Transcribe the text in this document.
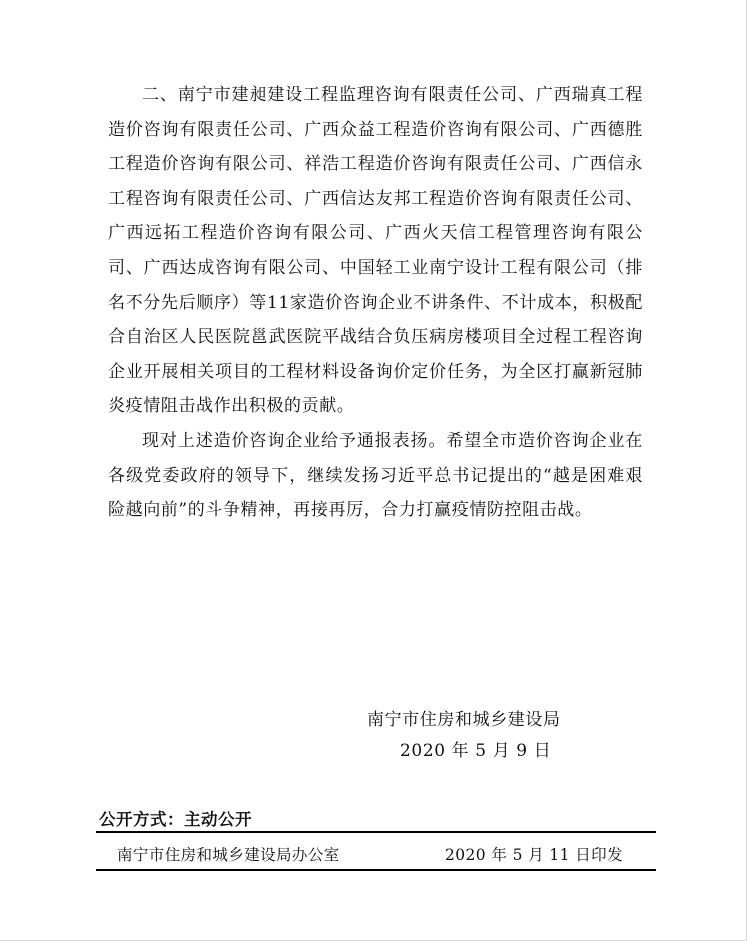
二、南宁市建昶建设工程监理咨询有限责任公司、广西瑞真工程造价咨询有限责任公司、广西众益工程造价咨询有限公司、广西德胜工程造价咨询有限公司、祥浩工程造价咨询有限责任公司、广西信永工程咨询有限责任公司、广西信达友邦工程造价咨询有限责任公司、广西远拓工程造价咨询有限公司、广西火天信工程管理咨询有限公司、广西达成咨询有限公司、中国轻工业南宁设计工程有限公司（排名不分先后顺序）等11家造价咨询企业不讲条件、不计成本，积极配合自治区人民医院邕武医院平战结合负压病房楼项目全过程工程咨询企业开展相关项目的工程材料设备询价定价任务，为全区打赢新冠肺炎疫情阻击战作出积极的贡献。

现对上述造价咨询企业给予通报表扬。希望全市造价咨询企业在各级党委政府的领导下，继续发扬习近平总书记提出的“越是困难艰险越向前”的斗争精神，再接再厉，合力打赢疫情防控阻击战。

南宁市住房和城乡建设局
2020 年 5 月 9 日
公开方式：主动公开
南宁市住房和城乡建设局办公室	2020 年 5 月 11 日印发
